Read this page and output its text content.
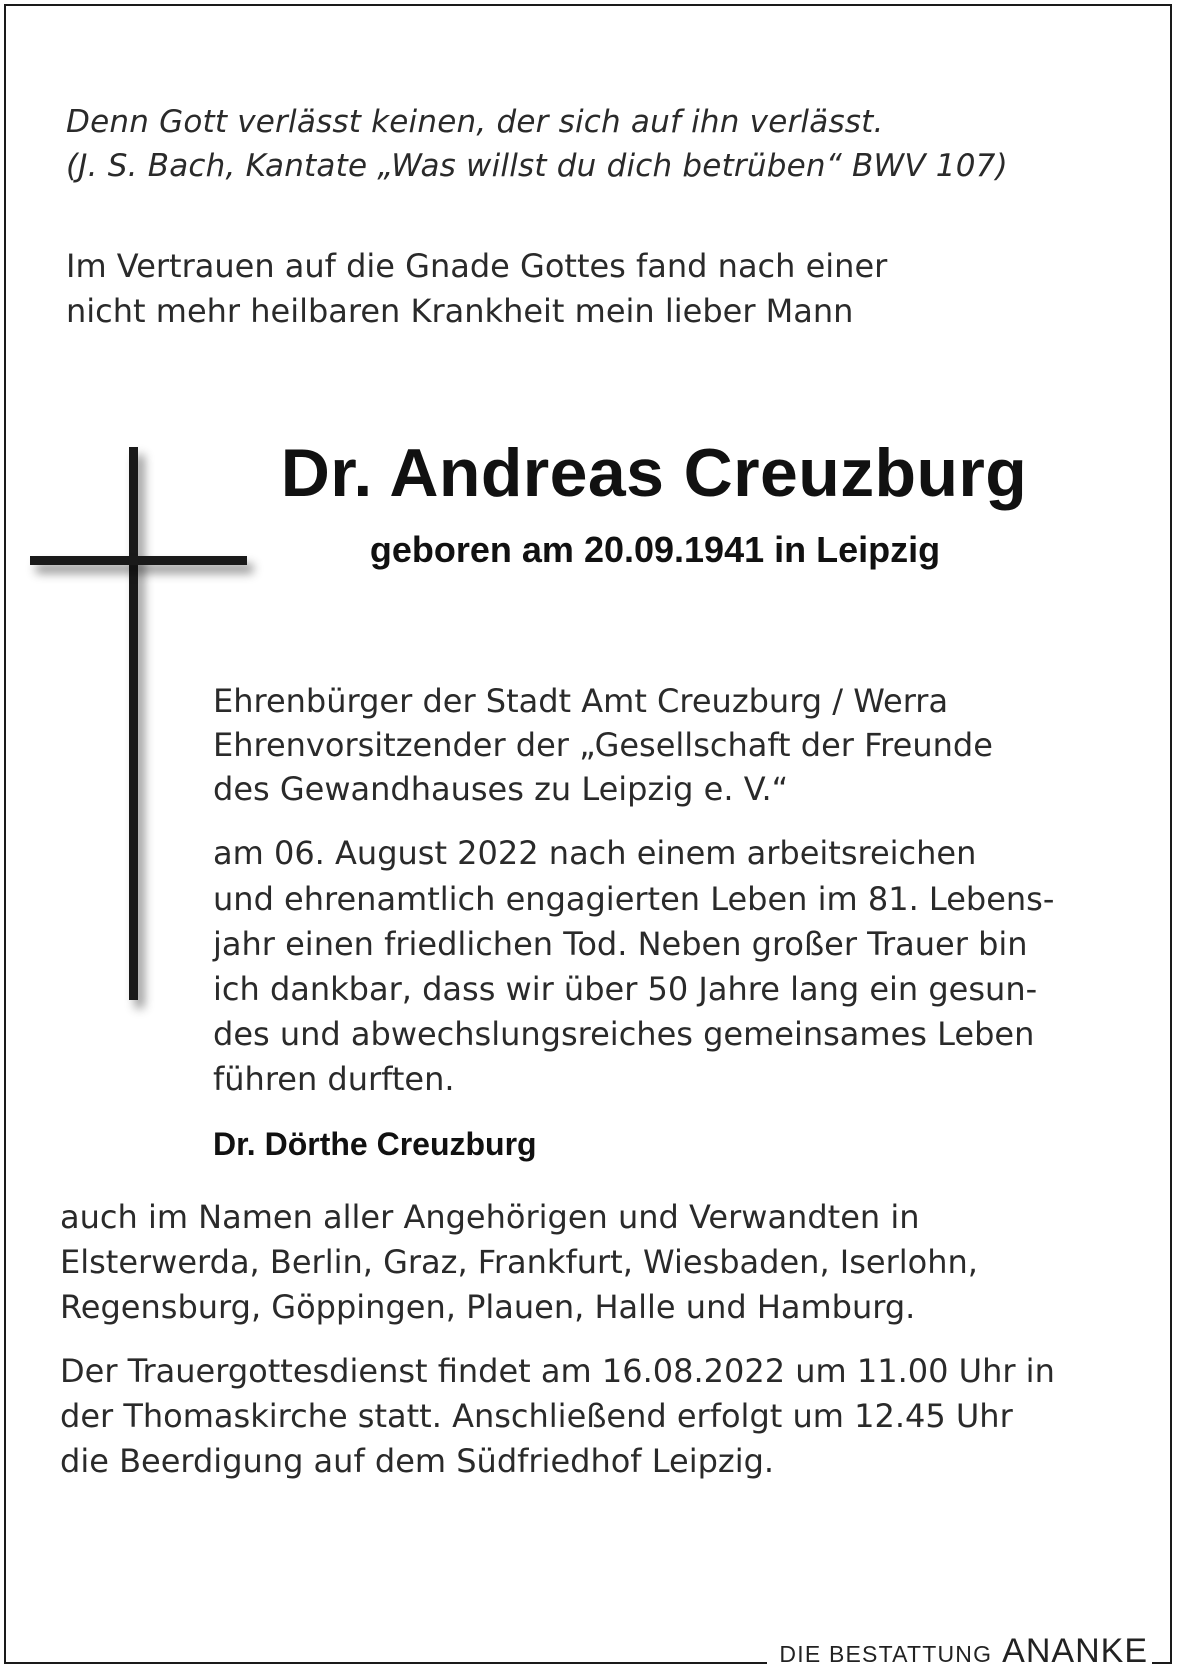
Denn Gott verlässt keinen, der sich auf ihn verlässt.

(J. S. Bach, Kantate „Was willst du dich betrüben“ BWV 107)

Im Vertrauen auf die Gnade Gottes fand nach einer

nicht mehr heilbaren Krankheit mein lieber Mann

Dr. Andreas Creuzburg

geboren am 20.09.1941 in Leipzig

Ehrenbürger der Stadt Amt Creuzburg / Werra

Ehrenvorsitzender der „Gesellschaft der Freunde

des Gewandhauses zu Leipzig e. V.“

am 06. August 2022 nach einem arbeitsreichen

und ehrenamtlich engagierten Leben im 81. Lebens-

jahr einen friedlichen Tod. Neben großer Trauer bin

ich dankbar, dass wir über 50 Jahre lang ein gesun-

des und abwechslungsreiches gemeinsames Leben

führen durften.

Dr. Dörthe Creuzburg

auch im Namen aller Angehörigen und Verwandten in

Elsterwerda, Berlin, Graz, Frankfurt, Wiesbaden, Iserlohn,

Regensburg, Göppingen, Plauen, Halle und Hamburg.

Der Trauergottesdienst findet am 16.08.2022 um 11.00 Uhr in

der Thomaskirche statt. Anschließend erfolgt um 12.45 Uhr

die Beerdigung auf dem Südfriedhof Leipzig.

DIE BESTATTUNG ANANKE
